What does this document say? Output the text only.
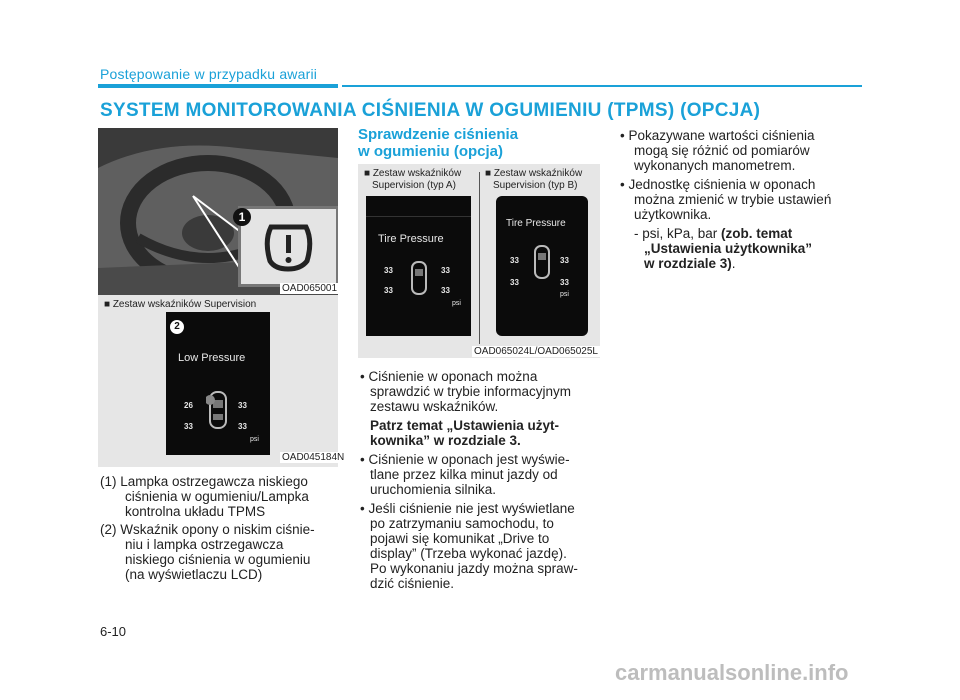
Postępowanie w przypadku awarii
SYSTEM MONITOROWANIA CIŚNIENIA W OGUMIENIU (TPMS) (OPCJA)
1
OAD065001
■ Zestaw wskaźników Supervision
2
Low Pressure
26	33
33	33
psi
OAD045184N
(1) Lampka ostrzegawcza niskiego
ciśnienia w ogumieniu/Lampka
kontrolna układu TPMS
(2) Wskaźnik opony o niskim ciśnie-
niu i lampka ostrzegawcza
niskiego ciśnienia w ogumieniu
(na wyświetlaczu LCD)
Sprawdzenie ciśnienia
w ogumieniu (opcja)
■ Zestaw wskaźników
Supervision (typ A)
■ Zestaw wskaźników
Supervision (typ B)
Tire Pressure
33	33
33	33
psi
Tire Pressure
33	33
33	33
psi
OAD065024L/OAD065025L
• Ciśnienie w oponach można
sprawdzić w trybie informacyjnym
zestawu wskaźników.
Patrz temat „Ustawienia użyt-
kownika” w rozdziale 3.
• Ciśnienie w oponach jest wyświe-
tlane przez kilka minut jazdy od
uruchomienia silnika.
• Jeśli ciśnienie nie jest wyświetlane
po zatrzymaniu samochodu, to
pojawi się komunikat „Drive to
display” (Trzeba wykonać jazdę).
Po wykonaniu jazdy można spraw-
dzić ciśnienie.
• Pokazywane wartości ciśnienia
mogą się różnić od pomiarów
wykonanych manometrem.
• Jednostkę ciśnienia w oponach
można zmienić w trybie ustawień
użytkownika.
- psi, kPa, bar (zob. temat
„Ustawienia użytkownika”
w rozdziale 3).
6-10
carmanualsonline.info
